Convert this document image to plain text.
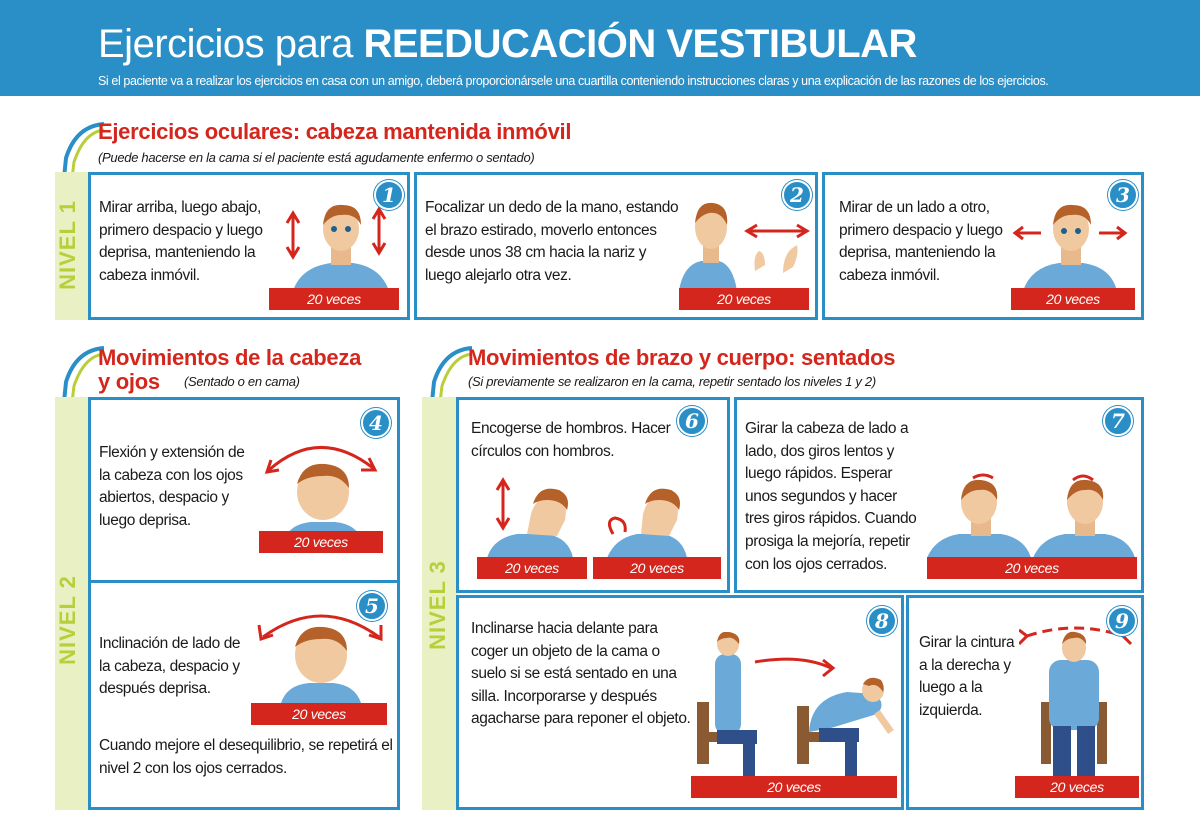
Ejercicios para REEDUCACIÓN VESTIBULAR
Si el paciente va a realizar los ejercicios en casa con un amigo, deberá proporcionársele una cuartilla conteniendo instrucciones claras y una explicación de las razones de los ejercicios.
Ejercicios oculares: cabeza mantenida inmóvil
(Puede hacerse en la cama si el paciente está agudamente enfermo o sentado)
NIVEL 1	Mirar arriba, luego abajo, primero despacio y luego deprisa, manteniendo la cabeza inmóvil.
20 veces
1
Focalizar un dedo de la mano, estando el brazo estirado, moverlo entonces desde unos 38 cm hacia la nariz y luego alejarlo otra vez.
20 veces
2
Mirar de un lado a otro, primero despacio y luego deprisa, manteniendo la cabeza inmóvil.
20 veces
3
Movimientos de la cabeza
y ojos (Sentado o en cama)
NIVEL 2
Flexión y extensión de la cabeza con los ojos abiertos, despacio y luego deprisa.
20 veces
4
Inclinación de lado de la cabeza, despacio y después deprisa.
20 veces
Cuando mejore el desequilibrio, se repetirá el nivel 2 con los ojos cerrados.
5
Movimientos de brazo y cuerpo: sentados
(Si previamente se realizaron en la cama, repetir sentado los niveles 1 y 2)
NIVEL 3
Encogerse de hombros. Hacer círculos con hombros.
20 veces	20 veces
6	Girar la cabeza de lado a lado, dos giros lentos y luego rápidos. Esperar unos segundos y hacer tres giros rápidos. Cuando prosiga la mejoría, repetir con los ojos cerrados.	20 veces
7
Inclinarse hacia delante para coger un objeto de la cama o suelo si se está sentado en una silla. Incorporarse y después agacharse para reponer el objeto.
20 veces
8
Girar la cintura a la derecha y luego a la izquierda.
20 veces
9
